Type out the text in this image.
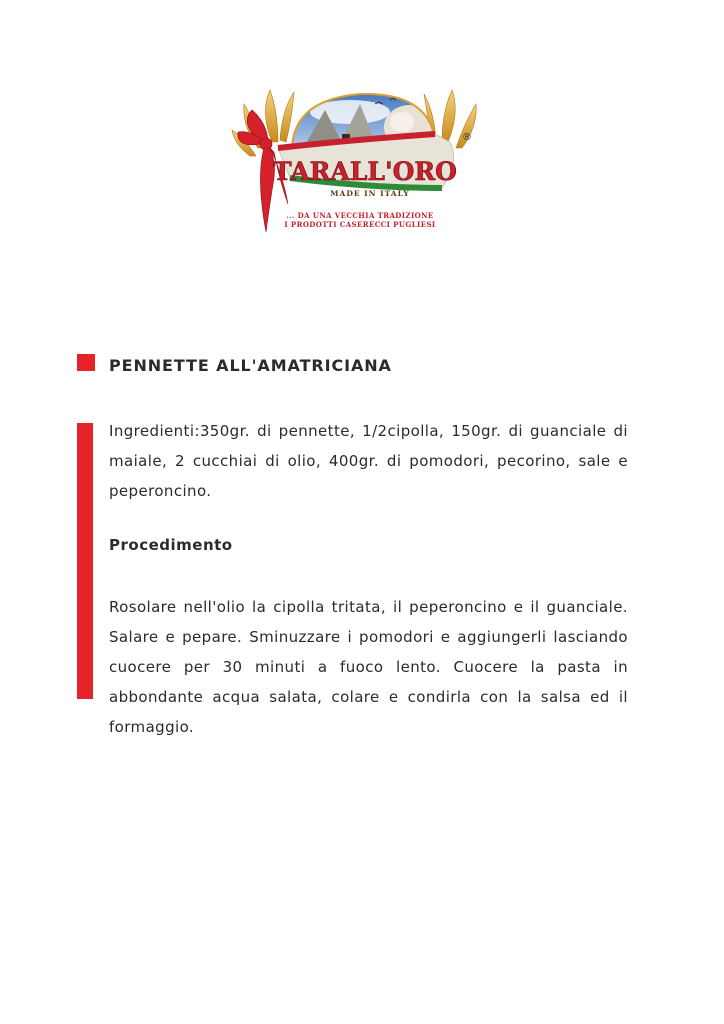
TARALL'ORO
®
MADE IN ITALY
... DA UNA VECCHIA TRADIZIONE
I PRODOTTI CASERECCI PUGLIESI
PENNETTE ALL'AMATRICIANA
Ingredienti:350gr. di pennette, 1/2cipolla, 150gr. di guanciale di maiale, 2 cucchiai di olio, 400gr. di pomodori, pecorino, sale e peperoncino.
Procedimento
Rosolare nell'olio la cipolla tritata, il peperoncino e il guanciale. Salare e pepare. Sminuzzare i pomodori e aggiungerli lasciando cuocere per 30 minuti a fuoco lento. Cuocere la pasta in abbondante acqua salata, colare e condirla con la salsa ed il formaggio.
